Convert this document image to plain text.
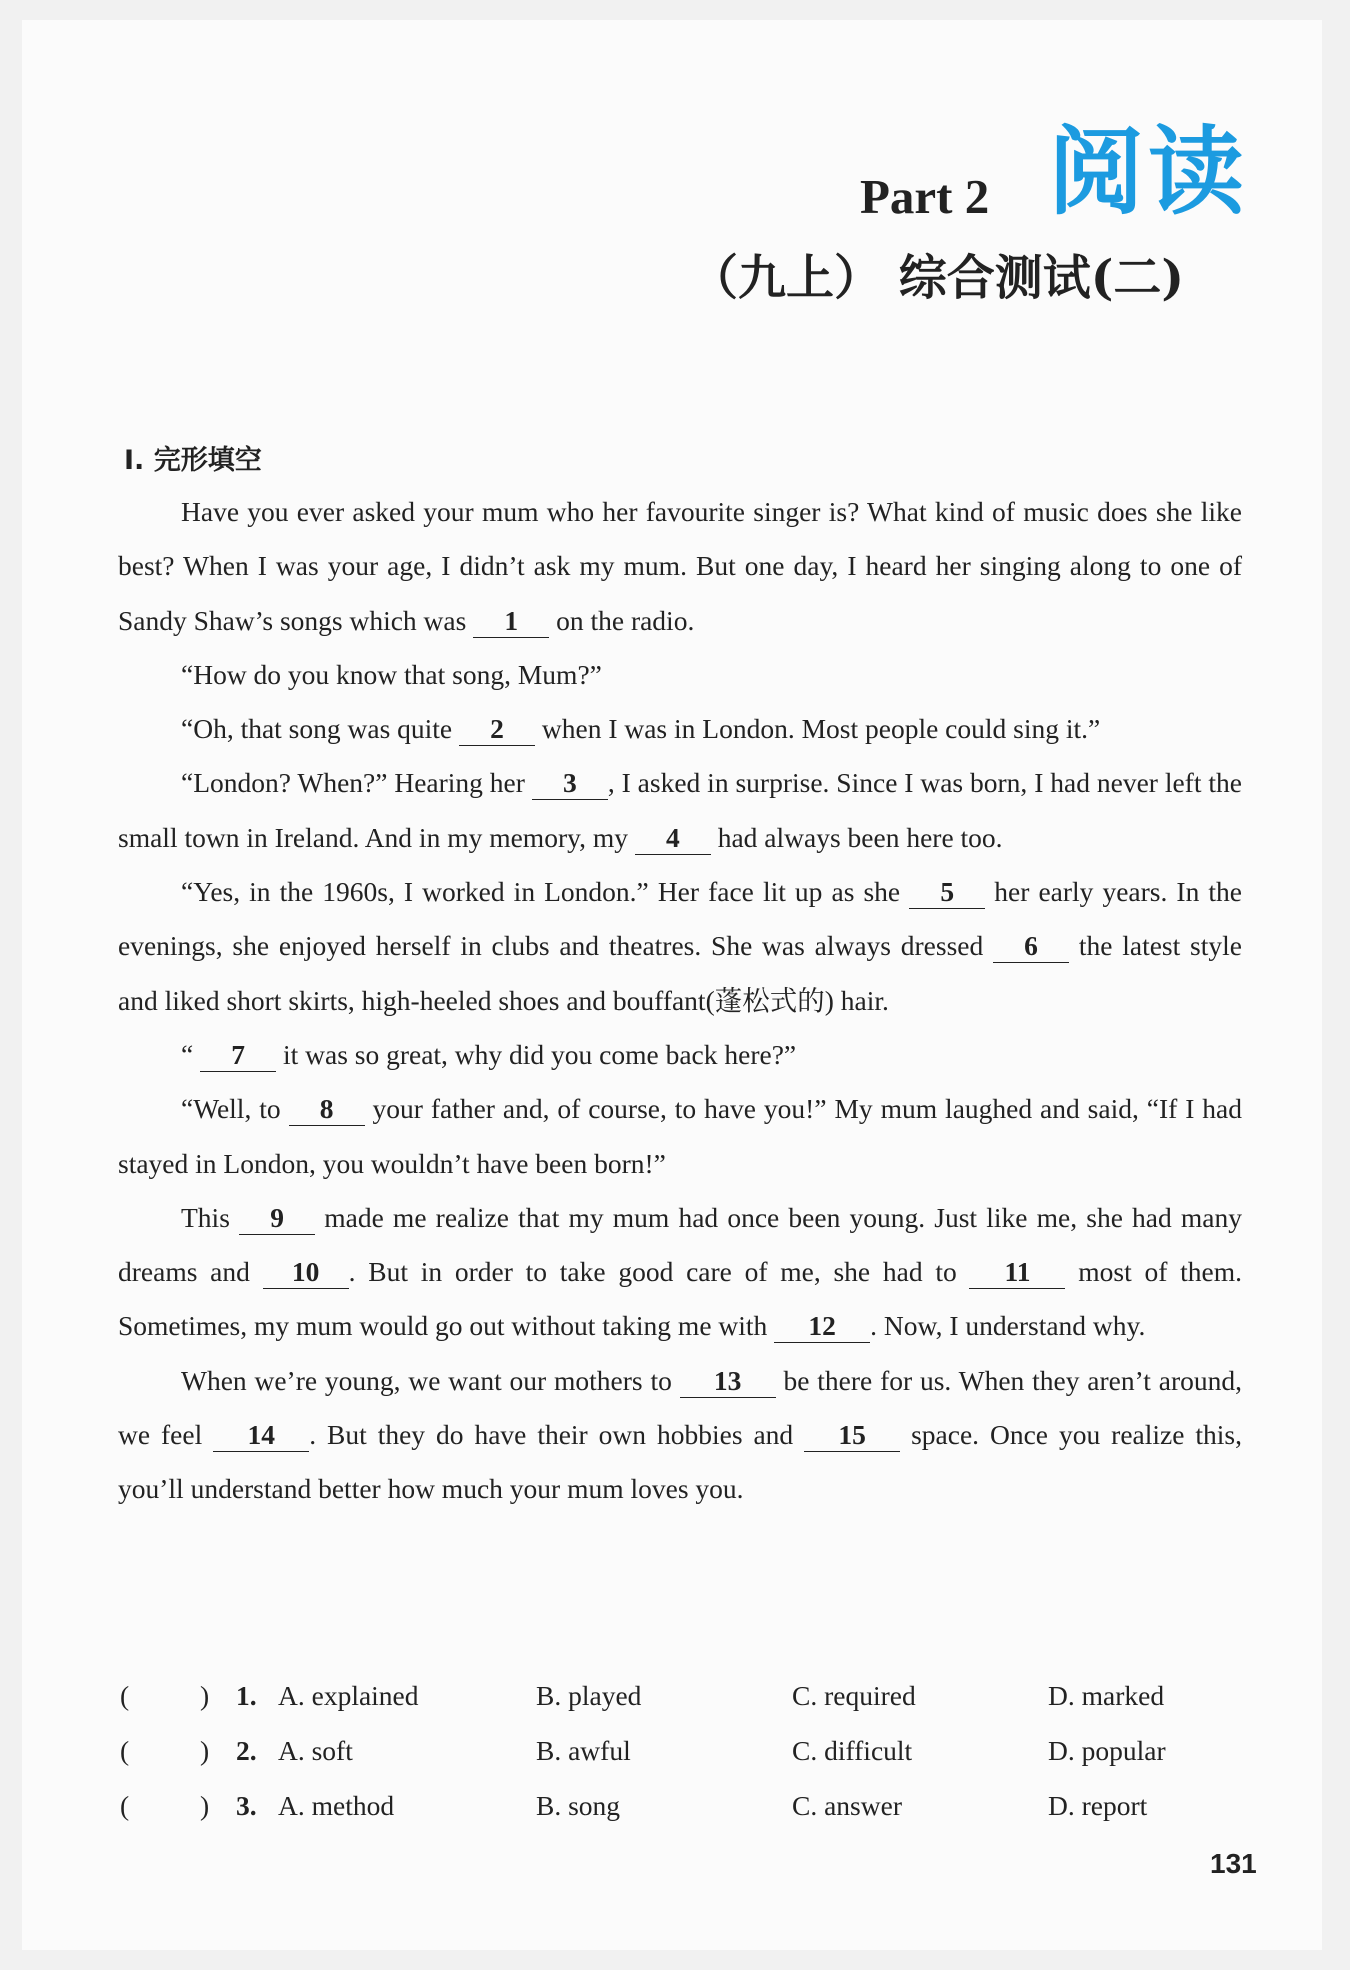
Part 2 阅读
（九上） 综合测试(二)
Ⅰ. 完形填空

Have you ever asked your mum who her favourite singer is? What kind of music does she like best? When I was your age, I didn’t ask my mum. But one day, I heard her singing along to one of Sandy Shaw’s songs which was 1 on the radio.

“How do you know that song, Mum?”

“Oh, that song was quite 2 when I was in London. Most people could sing it.”

“London? When?” Hearing her 3 , I asked in surprise. Since I was born, I had never left the small town in Ireland. And in my memory, my 4 had always been here too.

“Yes, in the 1960s, I worked in London.” Her face lit up as she 5 her early years. In the evenings, she enjoyed herself in clubs and theatres. She was always dressed 6 the latest style and liked short skirts, high-heeled shoes and bouffant(蓬松式的) hair.

“ 7 it was so great, why did you come back here?”

“Well, to 8 your father and, of course, to have you!” My mum laughed and said, “If I had stayed in London, you wouldn’t have been born!”

This 9 made me realize that my mum had once been young. Just like me, she had many dreams and 10 . But in order to take good care of me, she had to 11 most of them. Sometimes, my mum would go out without taking me with 12 . Now, I understand why.

When we’re young, we want our mothers to 13 be there for us. When they aren’t around, we feel 14 . But they do have their own hobbies and 15 space. Once you realize this, you’ll understand better how much your mum loves you.

(	) 1. A. explained	B. played	C. required	D. marked
(	) 2. A. soft	B. awful	C. difficult	D. popular
(	) 3. A. method	B. song	C. answer	D. report
131
